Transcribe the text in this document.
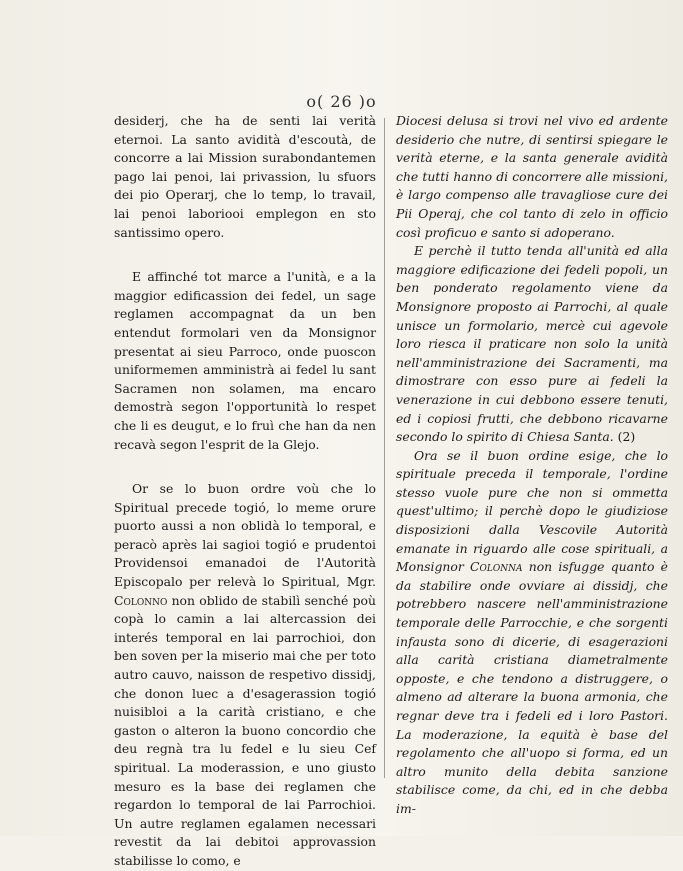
o( 26 )o

desiderj, che ha de senti lai verità eternoi. La santo avidità d'escoutà, de concorre a lai Mission surabondantemen pago lai penoi, lai privassion, lu sfuors dei pio Operarj, che lo temp, lo travail, lai penoi laboriooi emplegon en sto santissimo opero.

E affinché tot marce a l'unità, e a la maggior edificassion dei fedel, un sage reglamen accompagnat da un ben entendut formolari ven da Monsignor presentat ai sieu Parroco, onde puoscon uniformemen amministrà ai fedel lu sant Sacramen non solamen, ma encaro demostrà segon l'opportunità lo respet che li es deugut, e lo fruì che han da nen recavà segon l'esprit de la Glejo.

Or se lo buon ordre voù che lo Spiritual precede togió, lo meme orure puorto aussi a non oblidà lo temporal, e peracò après lai sagioi togió e prudentoi Providensoi emanadoi de l'Autorità Episcopalo per relevà lo Spiritual, Mgr. Colonno non oblido de stabilì senché poù copà lo camin a lai altercassion dei interés temporal en lai parrochioi, don ben soven per la miserio mai che per toto autro cauvo, naisson de respetivo dissidj, che donon luec a d'esagerassion togió nuisibloi a la carità cristiano, e che gaston o alteron la buono concordio che deu regnà tra lu fedel e lu sieu Cef spiritual. La moderassion, e uno giusto mesuro es la base dei reglamen che regardon lo temporal de lai Parrochioi. Un autre reglamen egalamen necessari revestit da lai debitoi approvassion stabilisse lo como, e

Diocesi delusa si trovi nel vivo ed ardente desiderio che nutre, di sentirsi spiegare le verità eterne, e la santa generale avidità che tutti hanno di concorrere alle missioni, è largo compenso alle travagliose cure dei Pii Operaj, che col tanto di zelo in officio così proficuo e santo si adoperano.

E perchè il tutto tenda all'unità ed alla maggiore edificazione dei fedeli popoli, un ben ponderato regolamento viene da Monsignore proposto ai Parrochi, al quale unisce un formolario, mercè cui agevole loro riesca il praticare non solo la unità nell'amministrazione dei Sacramenti, ma dimostrare con esso pure ai fedeli la venerazione in cui debbono essere tenuti, ed i copiosi frutti, che debbono ricavarne secondo lo spirito di Chiesa Santa. (2)

Ora se il buon ordine esige, che lo spirituale preceda il temporale, l'ordine stesso vuole pure che non si ommetta quest'ultimo; il perchè dopo le giudiziose disposizioni dalla Vescovile Autorità emanate in riguardo alle cose spirituali, a Monsignor Colonna non isfugge quanto è da stabilire onde ovviare ai dissidj, che potrebbero nascere nell'amministrazione temporale delle Parrocchie, e che sorgenti infausta sono di dicerie, di esagerazioni alla carità cristiana diametralmente opposte, e che tendono a distruggere, o almeno ad alterare la buona armonia, che regnar deve tra i fedeli ed i loro Pastori. La moderazione, la equità è base del regolamento che all'uopo si forma, ed un altro munito della debita sanzione stabilisce come, da chi, ed in che debba im-
